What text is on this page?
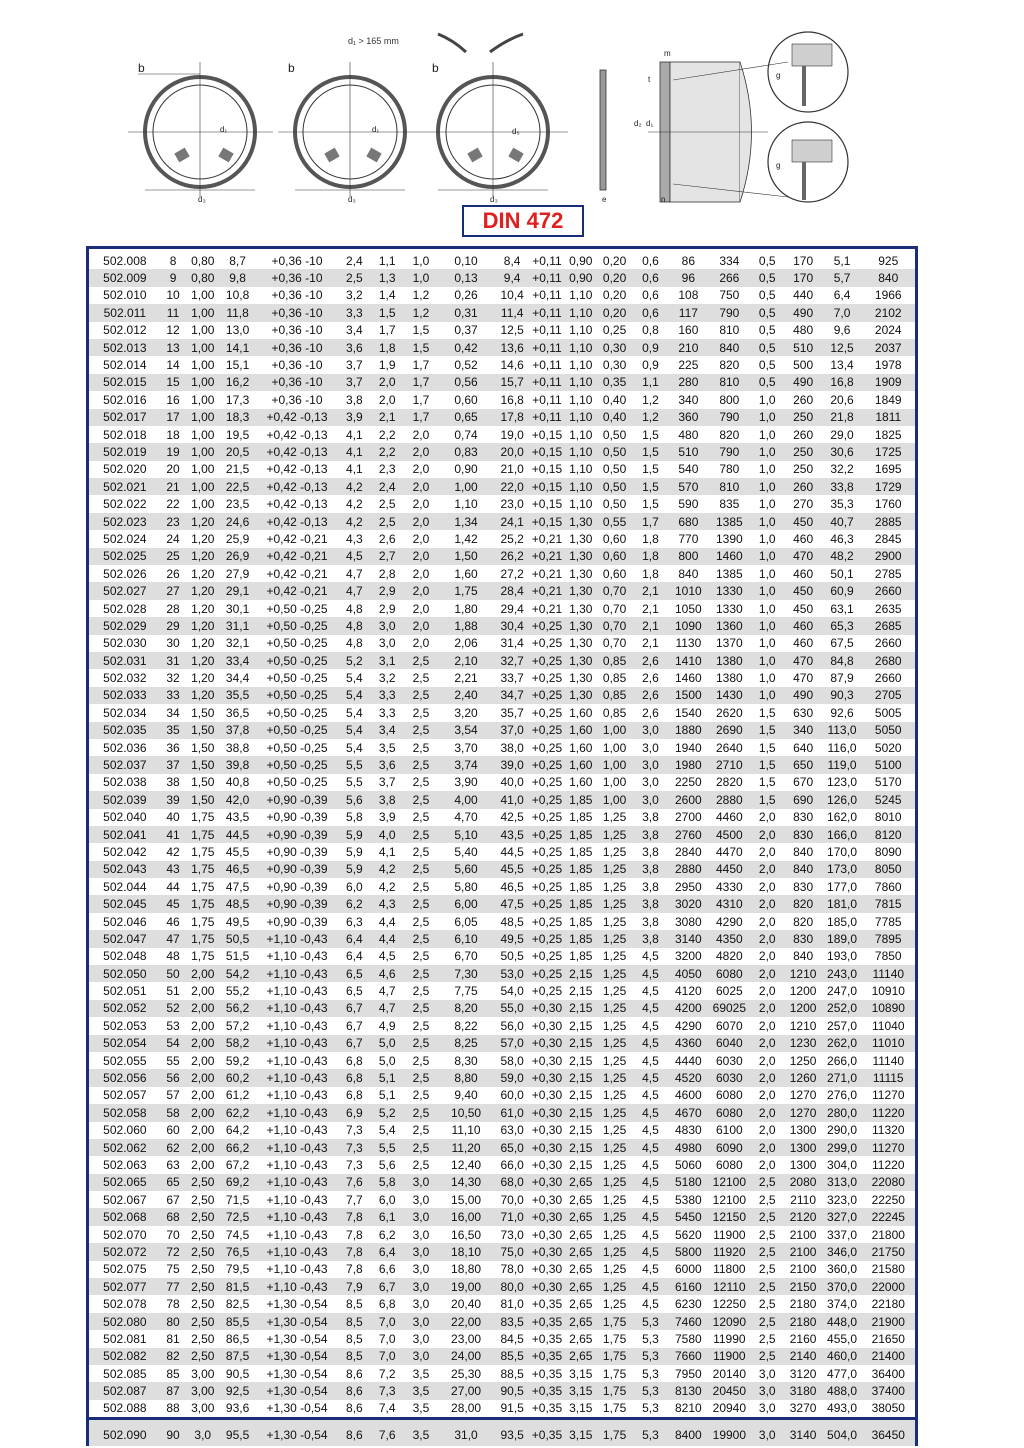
d₁ > 165 mm
b
d₁
d₃
b
d₁
d₃
b
d₅
d₃	e
m
t
d₂ d₁
n
g
g
DIN 472
502.008	8	0,80	8,7	+0,36 -10	2,4	1,1	1,0	0,10	8,4	+0,11	0,90	0,20	0,6	86	334	0,5	170	5,1	925
502.009	9	0,80	9,8	+0,36 -10	2,5	1,3	1,0	0,13	9,4	+0,11	0,90	0,20	0,6	96	266	0,5	170	5,7	840
502.010	10	1,00	10,8	+0,36 -10	3,2	1,4	1,2	0,26	10,4	+0,11	1,10	0,20	0,6	108	750	0,5	440	6,4	1966
502.011	11	1,00	11,8	+0,36 -10	3,3	1,5	1,2	0,31	11,4	+0,11	1,10	0,20	0,6	117	790	0,5	490	7,0	2102
502.012	12	1,00	13,0	+0,36 -10	3,4	1,7	1,5	0,37	12,5	+0,11	1,10	0,25	0,8	160	810	0,5	480	9,6	2024
502.013	13	1,00	14,1	+0,36 -10	3,6	1,8	1,5	0,42	13,6	+0,11	1,10	0,30	0,9	210	840	0,5	510	12,5	2037
502.014	14	1,00	15,1	+0,36 -10	3,7	1,9	1,7	0,52	14,6	+0,11	1,10	0,30	0,9	225	820	0,5	500	13,4	1978
502.015	15	1,00	16,2	+0,36 -10	3,7	2,0	1,7	0,56	15,7	+0,11	1,10	0,35	1,1	280	810	0,5	490	16,8	1909
502.016	16	1,00	17,3	+0,36 -10	3,8	2,0	1,7	0,60	16,8	+0,11	1,10	0,40	1,2	340	800	1,0	260	20,6	1849
502.017	17	1,00	18,3	+0,42 -0,13	3,9	2,1	1,7	0,65	17,8	+0,11	1,10	0,40	1,2	360	790	1,0	250	21,8	1811
502.018	18	1,00	19,5	+0,42 -0,13	4,1	2,2	2,0	0,74	19,0	+0,15	1,10	0,50	1,5	480	820	1,0	260	29,0	1825
502.019	19	1,00	20,5	+0,42 -0,13	4,1	2,2	2,0	0,83	20,0	+0,15	1,10	0,50	1,5	510	790	1,0	250	30,6	1725
502.020	20	1,00	21,5	+0,42 -0,13	4,1	2,3	2,0	0,90	21,0	+0,15	1,10	0,50	1,5	540	780	1,0	250	32,2	1695
502.021	21	1,00	22,5	+0,42 -0,13	4,2	2,4	2,0	1,00	22,0	+0,15	1,10	0,50	1,5	570	810	1,0	260	33,8	1729
502.022	22	1,00	23,5	+0,42 -0,13	4,2	2,5	2,0	1,10	23,0	+0,15	1,10	0,50	1,5	590	835	1,0	270	35,3	1760
502.023	23	1,20	24,6	+0,42 -0,13	4,2	2,5	2,0	1,34	24,1	+0,15	1,30	0,55	1,7	680	1385	1,0	450	40,7	2885
502.024	24	1,20	25,9	+0,42 -0,21	4,3	2,6	2,0	1,42	25,2	+0,21	1,30	0,60	1,8	770	1390	1,0	460	46,3	2845
502.025	25	1,20	26,9	+0,42 -0,21	4,5	2,7	2,0	1,50	26,2	+0,21	1,30	0,60	1,8	800	1460	1,0	470	48,2	2900
502.026	26	1,20	27,9	+0,42 -0,21	4,7	2,8	2,0	1,60	27,2	+0,21	1,30	0,60	1,8	840	1385	1,0	460	50,1	2785
502.027	27	1,20	29,1	+0,42 -0,21	4,7	2,9	2,0	1,75	28,4	+0,21	1,30	0,70	2,1	1010	1330	1,0	450	60,9	2660
502.028	28	1,20	30,1	+0,50 -0,25	4,8	2,9	2,0	1,80	29,4	+0,21	1,30	0,70	2,1	1050	1330	1,0	450	63,1	2635
502.029	29	1,20	31,1	+0,50 -0,25	4,8	3,0	2,0	1,88	30,4	+0,25	1,30	0,70	2,1	1090	1360	1,0	460	65,3	2685
502.030	30	1,20	32,1	+0,50 -0,25	4,8	3,0	2,0	2,06	31,4	+0,25	1,30	0,70	2,1	1130	1370	1,0	460	67,5	2660
502.031	31	1,20	33,4	+0,50 -0,25	5,2	3,1	2,5	2,10	32,7	+0,25	1,30	0,85	2,6	1410	1380	1,0	470	84,8	2680
502.032	32	1,20	34,4	+0,50 -0,25	5,4	3,2	2,5	2,21	33,7	+0,25	1,30	0,85	2,6	1460	1380	1,0	470	87,9	2660
502.033	33	1,20	35,5	+0,50 -0,25	5,4	3,3	2,5	2,40	34,7	+0,25	1,30	0,85	2,6	1500	1430	1,0	490	90,3	2705
502.034	34	1,50	36,5	+0,50 -0,25	5,4	3,3	2,5	3,20	35,7	+0,25	1,60	0,85	2,6	1540	2620	1,5	630	92,6	5005
502.035	35	1,50	37,8	+0,50 -0,25	5,4	3,4	2,5	3,54	37,0	+0,25	1,60	1,00	3,0	1880	2690	1,5	340	113,0	5050
502.036	36	1,50	38,8	+0,50 -0,25	5,4	3,5	2,5	3,70	38,0	+0,25	1,60	1,00	3,0	1940	2640	1,5	640	116,0	5020
502.037	37	1,50	39,8	+0,50 -0,25	5,5	3,6	2,5	3,74	39,0	+0,25	1,60	1,00	3,0	1980	2710	1,5	650	119,0	5100
502.038	38	1,50	40,8	+0,50 -0,25	5,5	3,7	2,5	3,90	40,0	+0,25	1,60	1,00	3,0	2250	2820	1,5	670	123,0	5170
502.039	39	1,50	42,0	+0,90 -0,39	5,6	3,8	2,5	4,00	41,0	+0,25	1,85	1,00	3,0	2600	2880	1,5	690	126,0	5245
502.040	40	1,75	43,5	+0,90 -0,39	5,8	3,9	2,5	4,70	42,5	+0,25	1,85	1,25	3,8	2700	4460	2,0	830	162,0	8010
502.041	41	1,75	44,5	+0,90 -0,39	5,9	4,0	2,5	5,10	43,5	+0,25	1,85	1,25	3,8	2760	4500	2,0	830	166,0	8120
502.042	42	1,75	45,5	+0,90 -0,39	5,9	4,1	2,5	5,40	44,5	+0,25	1,85	1,25	3,8	2840	4470	2,0	840	170,0	8090
502.043	43	1,75	46,5	+0,90 -0,39	5,9	4,2	2,5	5,60	45,5	+0,25	1,85	1,25	3,8	2880	4450	2,0	840	173,0	8050
502.044	44	1,75	47,5	+0,90 -0,39	6,0	4,2	2,5	5,80	46,5	+0,25	1,85	1,25	3,8	2950	4330	2,0	830	177,0	7860
502.045	45	1,75	48,5	+0,90 -0,39	6,2	4,3	2,5	6,00	47,5	+0,25	1,85	1,25	3,8	3020	4310	2,0	820	181,0	7815
502.046	46	1,75	49,5	+0,90 -0,39	6,3	4,4	2,5	6,05	48,5	+0,25	1,85	1,25	3,8	3080	4290	2,0	820	185,0	7785
502.047	47	1,75	50,5	+1,10 -0,43	6,4	4,4	2,5	6,10	49,5	+0,25	1,85	1,25	3,8	3140	4350	2,0	830	189,0	7895
502.048	48	1,75	51,5	+1,10 -0,43	6,4	4,5	2,5	6,70	50,5	+0,25	1,85	1,25	4,5	3200	4820	2,0	840	193,0	7850
502.050	50	2,00	54,2	+1,10 -0,43	6,5	4,6	2,5	7,30	53,0	+0,25	2,15	1,25	4,5	4050	6080	2,0	1210	243,0	11140
502.051	51	2,00	55,2	+1,10 -0,43	6,5	4,7	2,5	7,75	54,0	+0,25	2,15	1,25	4,5	4120	6025	2,0	1200	247,0	10910
502.052	52	2,00	56,2	+1,10 -0,43	6,7	4,7	2,5	8,20	55,0	+0,30	2,15	1,25	4,5	4200	69025	2,0	1200	252,0	10890
502.053	53	2,00	57,2	+1,10 -0,43	6,7	4,9	2,5	8,22	56,0	+0,30	2,15	1,25	4,5	4290	6070	2,0	1210	257,0	11040
502.054	54	2,00	58,2	+1,10 -0,43	6,7	5,0	2,5	8,25	57,0	+0,30	2,15	1,25	4,5	4360	6040	2,0	1230	262,0	11010
502.055	55	2,00	59,2	+1,10 -0,43	6,8	5,0	2,5	8,30	58,0	+0,30	2,15	1,25	4,5	4440	6030	2,0	1250	266,0	11140
502.056	56	2,00	60,2	+1,10 -0,43	6,8	5,1	2,5	8,80	59,0	+0,30	2,15	1,25	4,5	4520	6030	2,0	1260	271,0	11115
502.057	57	2,00	61,2	+1,10 -0,43	6,8	5,1	2,5	9,40	60,0	+0,30	2,15	1,25	4,5	4600	6080	2,0	1270	276,0	11270
502.058	58	2,00	62,2	+1,10 -0,43	6,9	5,2	2,5	10,50	61,0	+0,30	2,15	1,25	4,5	4670	6080	2,0	1270	280,0	11220
502.060	60	2,00	64,2	+1,10 -0,43	7,3	5,4	2,5	11,10	63,0	+0,30	2,15	1,25	4,5	4830	6100	2,0	1300	290,0	11320
502.062	62	2,00	66,2	+1,10 -0,43	7,3	5,5	2,5	11,20	65,0	+0,30	2,15	1,25	4,5	4980	6090	2,0	1300	299,0	11270
502.063	63	2,00	67,2	+1,10 -0,43	7,3	5,6	2,5	12,40	66,0	+0,30	2,15	1,25	4,5	5060	6080	2,0	1300	304,0	11220
502.065	65	2,50	69,2	+1,10 -0,43	7,6	5,8	3,0	14,30	68,0	+0,30	2,65	1,25	4,5	5180	12100	2,5	2080	313,0	22080
502.067	67	2,50	71,5	+1,10 -0,43	7,7	6,0	3,0	15,00	70,0	+0,30	2,65	1,25	4,5	5380	12100	2,5	2110	323,0	22250
502.068	68	2,50	72,5	+1,10 -0,43	7,8	6,1	3,0	16,00	71,0	+0,30	2,65	1,25	4,5	5450	12150	2,5	2120	327,0	22245
502.070	70	2,50	74,5	+1,10 -0,43	7,8	6,2	3,0	16,50	73,0	+0,30	2,65	1,25	4,5	5620	11900	2,5	2100	337,0	21800
502.072	72	2,50	76,5	+1,10 -0,43	7,8	6,4	3,0	18,10	75,0	+0,30	2,65	1,25	4,5	5800	11920	2,5	2100	346,0	21750
502.075	75	2,50	79,5	+1,10 -0,43	7,8	6,6	3,0	18,80	78,0	+0,30	2,65	1,25	4,5	6000	11800	2,5	2100	360,0	21580
502.077	77	2,50	81,5	+1,10 -0,43	7,9	6,7	3,0	19,00	80,0	+0,30	2,65	1,25	4,5	6160	12110	2,5	2150	370,0	22000
502.078	78	2,50	82,5	+1,30 -0,54	8,5	6,8	3,0	20,40	81,0	+0,35	2,65	1,25	4,5	6230	12250	2,5	2180	374,0	22180
502.080	80	2,50	85,5	+1,30 -0,54	8,5	7,0	3,0	22,00	83,5	+0,35	2,65	1,75	5,3	7460	12090	2,5	2180	448,0	21900
502.081	81	2,50	86,5	+1,30 -0,54	8,5	7,0	3,0	23,00	84,5	+0,35	2,65	1,75	5,3	7580	11990	2,5	2160	455,0	21650
502.082	82	2,50	87,5	+1,30 -0,54	8,5	7,0	3,0	24,00	85,5	+0,35	2,65	1,75	5,3	7660	11900	2,5	2140	460,0	21400
502.085	85	3,00	90,5	+1,30 -0,54	8,6	7,2	3,5	25,30	88,5	+0,35	3,15	1,75	5,3	7950	20140	3,0	3120	477,0	36400
502.087	87	3,00	92,5	+1,30 -0,54	8,6	7,3	3,5	27,00	90,5	+0,35	3,15	1,75	5,3	8130	20450	3,0	3180	488,0	37400
502.088	88	3,00	93,6	+1,30 -0,54	8,6	7,4	3,5	28,00	91,5	+0,35	3,15	1,75	5,3	8210	20940	3,0	3270	493,0	38050
502.090	90	3,0	95,5	+1,30 -0,54	8,6	7,6	3,5	31,0	93,5	+0,35	3,15	1,75	5,3	8400	19900	3,0	3140	504,0	36450
